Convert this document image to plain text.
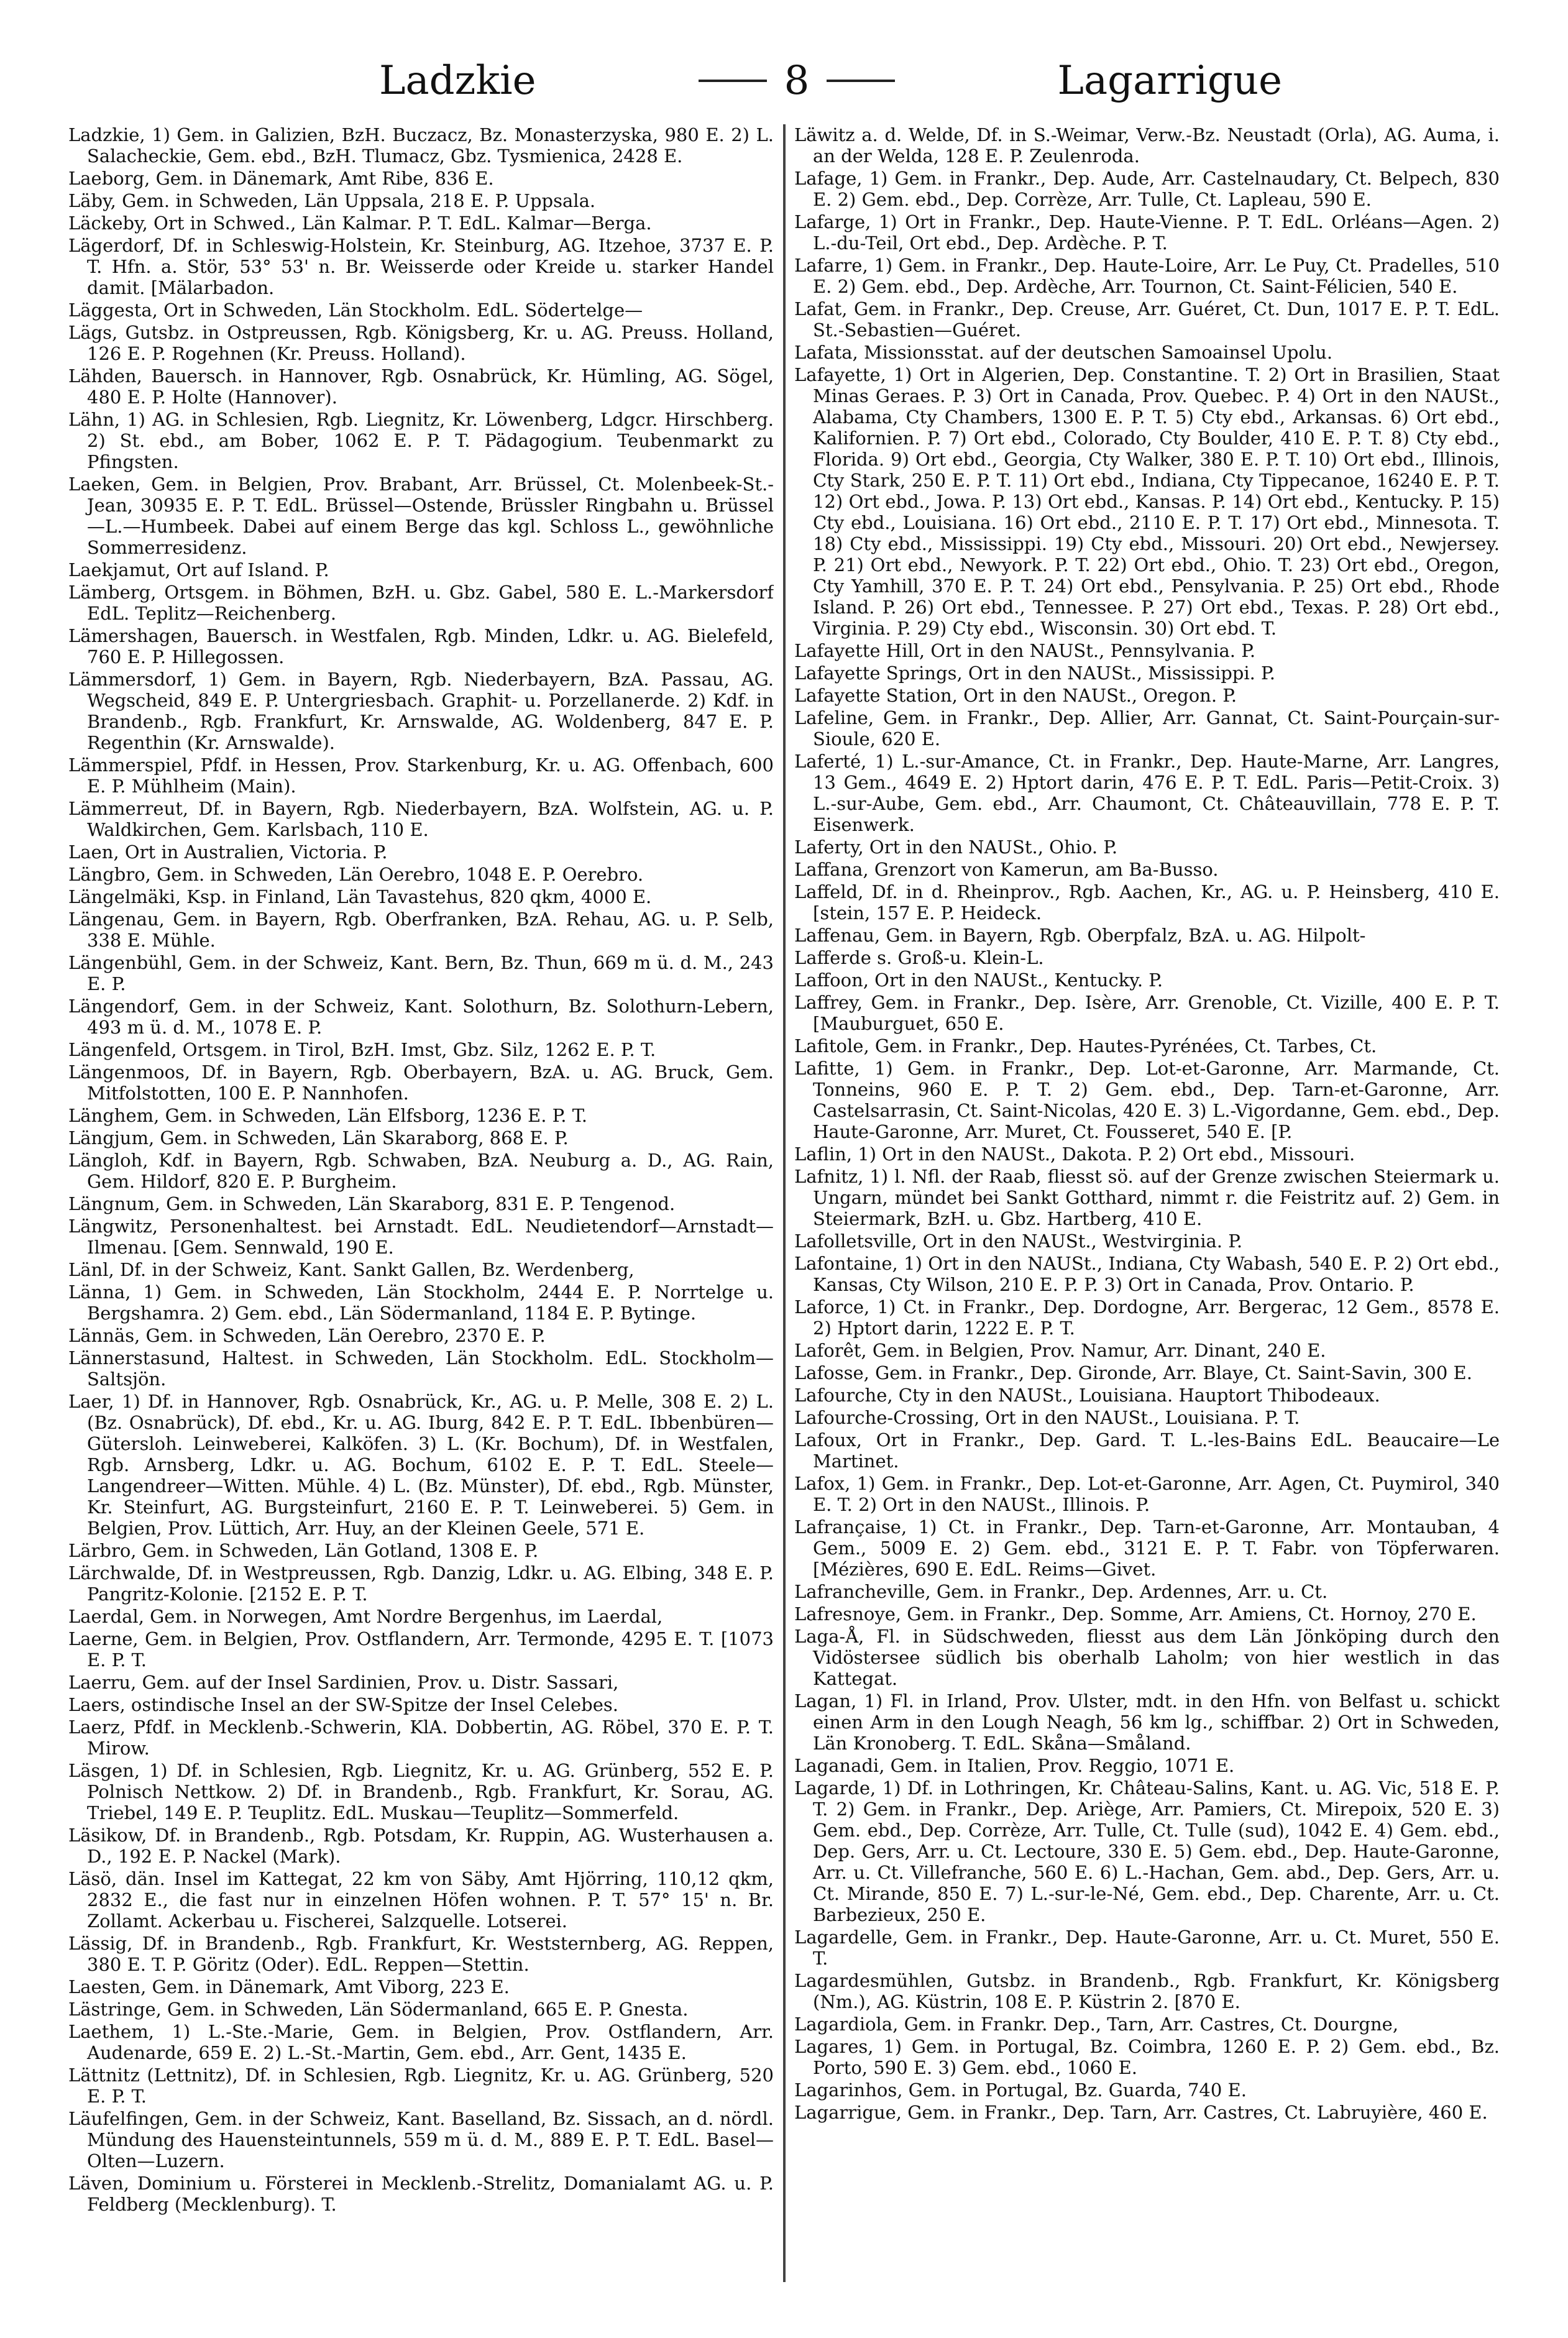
Ladzkie	8	Lagarrigue

Ladzkie, 1) Gem. in Galizien, BzH. Buczacz, Bz. Monasterzyska, 980 E. 2) L. Salacheckie, Gem. ebd., BzH. Tlumacz, Gbz. Tysmienica, 2428 E.

Laeborg, Gem. in Dänemark, Amt Ribe, 836 E.

Läby, Gem. in Schweden, Län Uppsala, 218 E. P. Uppsala.

Läckeby, Ort in Schwed., Län Kalmar. P. T. EdL. Kalmar—Berga.

Lägerdorf, Df. in Schleswig-Holstein, Kr. Steinburg, AG. Itzehoe, 3737 E. P. T. Hfn. a. Stör, 53° 53' n. Br. Weisserde oder Kreide u. starker Handel damit. [Mälarbadon.

Läggesta, Ort in Schweden, Län Stockholm. EdL. Södertelge—

Lägs, Gutsbz. in Ostpreussen, Rgb. Königsberg, Kr. u. AG. Preuss. Holland, 126 E. P. Rogehnen (Kr. Preuss. Holland).

Lähden, Bauersch. in Hannover, Rgb. Osnabrück, Kr. Hümling, AG. Sögel, 480 E. P. Holte (Hannover).

Lähn, 1) AG. in Schlesien, Rgb. Liegnitz, Kr. Löwenberg, Ldgcr. Hirschberg. 2) St. ebd., am Bober, 1062 E. P. T. Pädagogium. Teubenmarkt zu Pfingsten.

Laeken, Gem. in Belgien, Prov. Brabant, Arr. Brüssel, Ct. Molenbeek-St.-Jean, 30935 E. P. T. EdL. Brüssel—Ostende, Brüssler Ringbahn u. Brüssel—L.—Humbeek. Dabei auf einem Berge das kgl. Schloss L., gewöhnliche Sommerresidenz.

Laekjamut, Ort auf Island. P.

Lämberg, Ortsgem. in Böhmen, BzH. u. Gbz. Gabel, 580 E. L.-Markersdorf EdL. Teplitz—Reichenberg.

Lämershagen, Bauersch. in Westfalen, Rgb. Minden, Ldkr. u. AG. Bielefeld, 760 E. P. Hillegossen.

Lämmersdorf, 1) Gem. in Bayern, Rgb. Niederbayern, BzA. Passau, AG. Wegscheid, 849 E. P. Untergriesbach. Graphit- u. Porzellanerde. 2) Kdf. in Brandenb., Rgb. Frankfurt, Kr. Arnswalde, AG. Woldenberg, 847 E. P. Regenthin (Kr. Arnswalde).

Lämmerspiel, Pfdf. in Hessen, Prov. Starkenburg, Kr. u. AG. Offenbach, 600 E. P. Mühlheim (Main).

Lämmerreut, Df. in Bayern, Rgb. Niederbayern, BzA. Wolfstein, AG. u. P. Waldkirchen, Gem. Karlsbach, 110 E.

Laen, Ort in Australien, Victoria. P.

Längbro, Gem. in Schweden, Län Oerebro, 1048 E. P. Oerebro.

Längelmäki, Ksp. in Finland, Län Tavastehus, 820 qkm, 4000 E.

Längenau, Gem. in Bayern, Rgb. Oberfranken, BzA. Rehau, AG. u. P. Selb, 338 E. Mühle.

Längenbühl, Gem. in der Schweiz, Kant. Bern, Bz. Thun, 669 m ü. d. M., 243 E. P.

Längendorf, Gem. in der Schweiz, Kant. Solothurn, Bz. Solothurn-Lebern, 493 m ü. d. M., 1078 E. P.

Längenfeld, Ortsgem. in Tirol, BzH. Imst, Gbz. Silz, 1262 E. P. T.

Längenmoos, Df. in Bayern, Rgb. Oberbayern, BzA. u. AG. Bruck, Gem. Mitfolstotten, 100 E. P. Nannhofen.

Länghem, Gem. in Schweden, Län Elfsborg, 1236 E. P. T.

Längjum, Gem. in Schweden, Län Skaraborg, 868 E. P.

Längloh, Kdf. in Bayern, Rgb. Schwaben, BzA. Neuburg a. D., AG. Rain, Gem. Hildorf, 820 E. P. Burgheim.

Längnum, Gem. in Schweden, Län Skaraborg, 831 E. P. Tengenod.

Längwitz, Personenhaltest. bei Arnstadt. EdL. Neudietendorf—Arnstadt—Ilmenau. [Gem. Sennwald, 190 E.

Länl, Df. in der Schweiz, Kant. Sankt Gallen, Bz. Werdenberg,

Länna, 1) Gem. in Schweden, Län Stockholm, 2444 E. P. Norrtelge u. Bergshamra. 2) Gem. ebd., Län Södermanland, 1184 E. P. Bytinge.

Lännäs, Gem. in Schweden, Län Oerebro, 2370 E. P.

Lännerstasund, Haltest. in Schweden, Län Stockholm. EdL. Stockholm—Saltsjön.

Laer, 1) Df. in Hannover, Rgb. Osnabrück, Kr., AG. u. P. Melle, 308 E. 2) L. (Bz. Osnabrück), Df. ebd., Kr. u. AG. Iburg, 842 E. P. T. EdL. Ibbenbüren—Gütersloh. Leinweberei, Kalköfen. 3) L. (Kr. Bochum), Df. in Westfalen, Rgb. Arnsberg, Ldkr. u. AG. Bochum, 6102 E. P. T. EdL. Steele—Langendreer—Witten. Mühle. 4) L. (Bz. Münster), Df. ebd., Rgb. Münster, Kr. Steinfurt, AG. Burgsteinfurt, 2160 E. P. T. Leinweberei. 5) Gem. in Belgien, Prov. Lüttich, Arr. Huy, an der Kleinen Geele, 571 E.

Lärbro, Gem. in Schweden, Län Gotland, 1308 E. P.

Lärchwalde, Df. in Westpreussen, Rgb. Danzig, Ldkr. u. AG. Elbing, 348 E. P. Pangritz-Kolonie. [2152 E. P. T.

Laerdal, Gem. in Norwegen, Amt Nordre Bergenhus, im Laerdal,

Laerne, Gem. in Belgien, Prov. Ostflandern, Arr. Termonde, 4295 E. T. [1073 E. P. T.

Laerru, Gem. auf der Insel Sardinien, Prov. u. Distr. Sassari,

Laers, ostindische Insel an der SW-Spitze der Insel Celebes.

Laerz, Pfdf. in Mecklenb.-Schwerin, KlA. Dobbertin, AG. Röbel, 370 E. P. T. Mirow.

Läsgen, 1) Df. in Schlesien, Rgb. Liegnitz, Kr. u. AG. Grünberg, 552 E. P. Polnisch Nettkow. 2) Df. in Brandenb., Rgb. Frankfurt, Kr. Sorau, AG. Triebel, 149 E. P. Teuplitz. EdL. Muskau—Teuplitz—Sommerfeld.

Läsikow, Df. in Brandenb., Rgb. Potsdam, Kr. Ruppin, AG. Wusterhausen a. D., 192 E. P. Nackel (Mark).

Läsö, dän. Insel im Kattegat, 22 km von Säby, Amt Hjörring, 110,12 qkm, 2832 E., die fast nur in einzelnen Höfen wohnen. P. T. 57° 15' n. Br. Zollamt. Ackerbau u. Fischerei, Salzquelle. Lotserei.

Lässig, Df. in Brandenb., Rgb. Frankfurt, Kr. Weststernberg, AG. Reppen, 380 E. T. P. Göritz (Oder). EdL. Reppen—Stettin.

Laesten, Gem. in Dänemark, Amt Viborg, 223 E.

Lästringe, Gem. in Schweden, Län Södermanland, 665 E. P. Gnesta.

Laethem, 1) L.-Ste.-Marie, Gem. in Belgien, Prov. Ostflandern, Arr. Audenarde, 659 E. 2) L.-St.-Martin, Gem. ebd., Arr. Gent, 1435 E.

Lättnitz (Lettnitz), Df. in Schlesien, Rgb. Liegnitz, Kr. u. AG. Grünberg, 520 E. P. T.

Läufelfingen, Gem. in der Schweiz, Kant. Baselland, Bz. Sissach, an d. nördl. Mündung des Hauensteintunnels, 559 m ü. d. M., 889 E. P. T. EdL. Basel—Olten—Luzern.

Läven, Dominium u. Försterei in Mecklenb.-Strelitz, Domanialamt AG. u. P. Feldberg (Mecklenburg). T.

Läwitz a. d. Welde, Df. in S.-Weimar, Verw.-Bz. Neustadt (Orla), AG. Auma, i. an der Welda, 128 E. P. Zeulenroda.

Lafage, 1) Gem. in Frankr., Dep. Aude, Arr. Castelnaudary, Ct. Belpech, 830 E. 2) Gem. ebd., Dep. Corrèze, Arr. Tulle, Ct. Lapleau, 590 E.

Lafarge, 1) Ort in Frankr., Dep. Haute-Vienne. P. T. EdL. Orléans—Agen. 2) L.-du-Teil, Ort ebd., Dep. Ardèche. P. T.

Lafarre, 1) Gem. in Frankr., Dep. Haute-Loire, Arr. Le Puy, Ct. Pradelles, 510 E. 2) Gem. ebd., Dep. Ardèche, Arr. Tournon, Ct. Saint-Félicien, 540 E.

Lafat, Gem. in Frankr., Dep. Creuse, Arr. Guéret, Ct. Dun, 1017 E. P. T. EdL. St.-Sebastien—Guéret.

Lafata, Missionsstat. auf der deutschen Samoainsel Upolu.

Lafayette, 1) Ort in Algerien, Dep. Constantine. T. 2) Ort in Brasilien, Staat Minas Geraes. P. 3) Ort in Canada, Prov. Quebec. P. 4) Ort in den NAUSt., Alabama, Cty Chambers, 1300 E. P. T. 5) Cty ebd., Arkansas. 6) Ort ebd., Kalifornien. P. 7) Ort ebd., Colorado, Cty Boulder, 410 E. P. T. 8) Cty ebd., Florida. 9) Ort ebd., Georgia, Cty Walker, 380 E. P. T. 10) Ort ebd., Illinois, Cty Stark, 250 E. P. T. 11) Ort ebd., Indiana, Cty Tippecanoe, 16240 E. P. T. 12) Ort ebd., Jowa. P. 13) Ort ebd., Kansas. P. 14) Ort ebd., Kentucky. P. 15) Cty ebd., Louisiana. 16) Ort ebd., 2110 E. P. T. 17) Ort ebd., Minnesota. T. 18) Cty ebd., Mississippi. 19) Cty ebd., Missouri. 20) Ort ebd., Newjersey. P. 21) Ort ebd., Newyork. P. T. 22) Ort ebd., Ohio. T. 23) Ort ebd., Oregon, Cty Yamhill, 370 E. P. T. 24) Ort ebd., Pensylvania. P. 25) Ort ebd., Rhode Island. P. 26) Ort ebd., Tennessee. P. 27) Ort ebd., Texas. P. 28) Ort ebd., Virginia. P. 29) Cty ebd., Wisconsin. 30) Ort ebd. T.

Lafayette Hill, Ort in den NAUSt., Pennsylvania. P.

Lafayette Springs, Ort in den NAUSt., Mississippi. P.

Lafayette Station, Ort in den NAUSt., Oregon. P.

Lafeline, Gem. in Frankr., Dep. Allier, Arr. Gannat, Ct. Saint-Pourçain-sur-Sioule, 620 E.

Laferté, 1) L.-sur-Amance, Ct. in Frankr., Dep. Haute-Marne, Arr. Langres, 13 Gem., 4649 E. 2) Hptort darin, 476 E. P. T. EdL. Paris—Petit-Croix. 3) L.-sur-Aube, Gem. ebd., Arr. Chaumont, Ct. Châteauvillain, 778 E. P. T. Eisenwerk.

Laferty, Ort in den NAUSt., Ohio. P.

Laffana, Grenzort von Kamerun, am Ba-Busso.

Laffeld, Df. in d. Rheinprov., Rgb. Aachen, Kr., AG. u. P. Heinsberg, 410 E. [stein, 157 E. P. Heideck.

Laffenau, Gem. in Bayern, Rgb. Oberpfalz, BzA. u. AG. Hilpolt-

Lafferde s. Groß-u. Klein-L.

Laffoon, Ort in den NAUSt., Kentucky. P.

Laffrey, Gem. in Frankr., Dep. Isère, Arr. Grenoble, Ct. Vizille, 400 E. P. T. [Mauburguet, 650 E.

Lafitole, Gem. in Frankr., Dep. Hautes-Pyrénées, Ct. Tarbes, Ct.

Lafitte, 1) Gem. in Frankr., Dep. Lot-et-Garonne, Arr. Marmande, Ct. Tonneins, 960 E. P. T. 2) Gem. ebd., Dep. Tarn-et-Garonne, Arr. Castelsarrasin, Ct. Saint-Nicolas, 420 E. 3) L.-Vigordanne, Gem. ebd., Dep. Haute-Garonne, Arr. Muret, Ct. Fousseret, 540 E. [P.

Laflin, 1) Ort in den NAUSt., Dakota. P. 2) Ort ebd., Missouri.

Lafnitz, 1) l. Nfl. der Raab, fliesst sö. auf der Grenze zwischen Steiermark u. Ungarn, mündet bei Sankt Gotthard, nimmt r. die Feistritz auf. 2) Gem. in Steiermark, BzH. u. Gbz. Hartberg, 410 E.

Lafolletsville, Ort in den NAUSt., Westvirginia. P.

Lafontaine, 1) Ort in den NAUSt., Indiana, Cty Wabash, 540 E. P. 2) Ort ebd., Kansas, Cty Wilson, 210 E. P. P. 3) Ort in Canada, Prov. Ontario. P.

Laforce, 1) Ct. in Frankr., Dep. Dordogne, Arr. Bergerac, 12 Gem., 8578 E. 2) Hptort darin, 1222 E. P. T.

Laforêt, Gem. in Belgien, Prov. Namur, Arr. Dinant, 240 E.

Lafosse, Gem. in Frankr., Dep. Gironde, Arr. Blaye, Ct. Saint-Savin, 300 E.

Lafourche, Cty in den NAUSt., Louisiana. Hauptort Thibodeaux.

Lafourche-Crossing, Ort in den NAUSt., Louisiana. P. T.

Lafoux, Ort in Frankr., Dep. Gard. T. L.-les-Bains EdL. Beaucaire—Le Martinet.

Lafox, 1) Gem. in Frankr., Dep. Lot-et-Garonne, Arr. Agen, Ct. Puymirol, 340 E. T. 2) Ort in den NAUSt., Illinois. P.

Lafrançaise, 1) Ct. in Frankr., Dep. Tarn-et-Garonne, Arr. Montauban, 4 Gem., 5009 E. 2) Gem. ebd., 3121 E. P. T. Fabr. von Töpferwaren. [Mézières, 690 E. EdL. Reims—Givet.

Lafrancheville, Gem. in Frankr., Dep. Ardennes, Arr. u. Ct.

Lafresnoye, Gem. in Frankr., Dep. Somme, Arr. Amiens, Ct. Hornoy, 270 E.

Laga-Å, Fl. in Südschweden, fliesst aus dem Län Jönköping durch den Vidöstersee südlich bis oberhalb Laholm; von hier westlich in das Kattegat.

Lagan, 1) Fl. in Irland, Prov. Ulster, mdt. in den Hfn. von Belfast u. schickt einen Arm in den Lough Neagh, 56 km lg., schiffbar. 2) Ort in Schweden, Län Kronoberg. T. EdL. Skåna—Småland.

Laganadi, Gem. in Italien, Prov. Reggio, 1071 E.

Lagarde, 1) Df. in Lothringen, Kr. Château-Salins, Kant. u. AG. Vic, 518 E. P. T. 2) Gem. in Frankr., Dep. Ariège, Arr. Pamiers, Ct. Mirepoix, 520 E. 3) Gem. ebd., Dep. Corrèze, Arr. Tulle, Ct. Tulle (sud), 1042 E. 4) Gem. ebd., Dep. Gers, Arr. u. Ct. Lectoure, 330 E. 5) Gem. ebd., Dep. Haute-Garonne, Arr. u. Ct. Villefranche, 560 E. 6) L.-Hachan, Gem. abd., Dep. Gers, Arr. u. Ct. Mirande, 850 E. 7) L.-sur-le-Né, Gem. ebd., Dep. Charente, Arr. u. Ct. Barbezieux, 250 E.

Lagardelle, Gem. in Frankr., Dep. Haute-Garonne, Arr. u. Ct. Muret, 550 E. T.

Lagardesmühlen, Gutsbz. in Brandenb., Rgb. Frankfurt, Kr. Königsberg (Nm.), AG. Küstrin, 108 E. P. Küstrin 2. [870 E.

Lagardiola, Gem. in Frankr. Dep., Tarn, Arr. Castres, Ct. Dourgne,

Lagares, 1) Gem. in Portugal, Bz. Coimbra, 1260 E. P. 2) Gem. ebd., Bz. Porto, 590 E. 3) Gem. ebd., 1060 E.

Lagarinhos, Gem. in Portugal, Bz. Guarda, 740 E.

Lagarrigue, Gem. in Frankr., Dep. Tarn, Arr. Castres, Ct. Labruyière, 460 E.
